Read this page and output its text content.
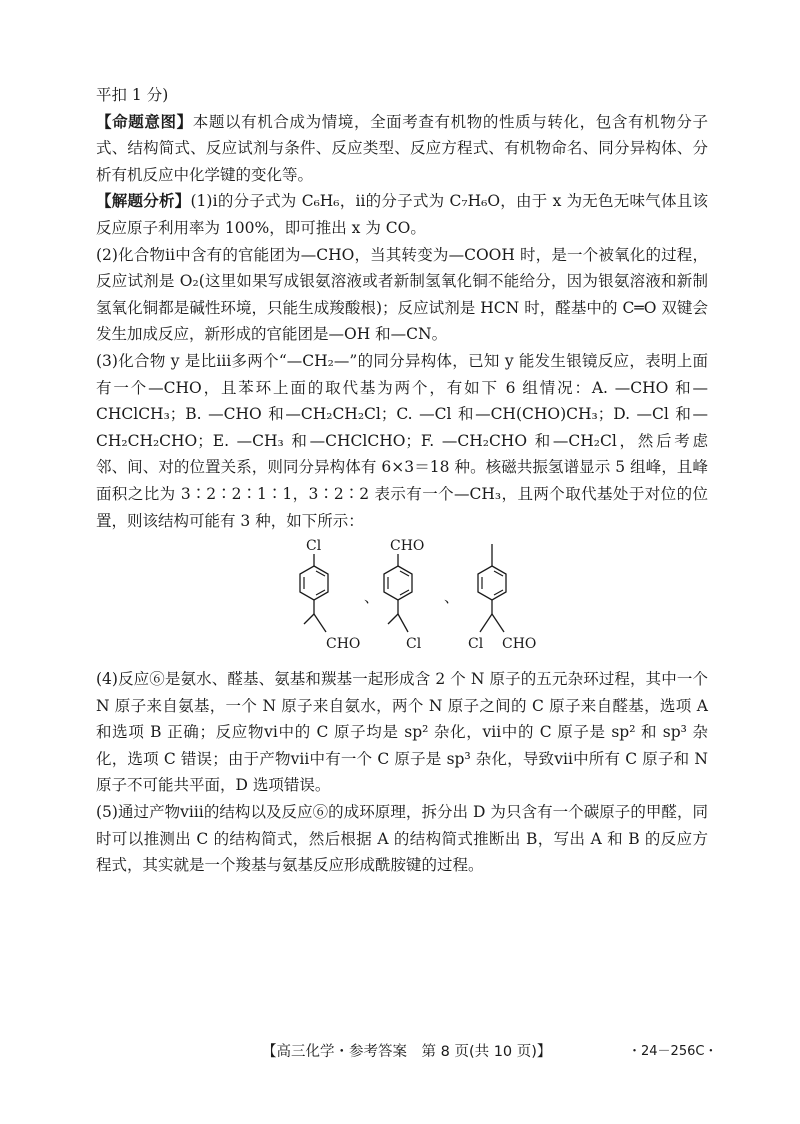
平扣 1 分)

【命题意图】本题以有机合成为情境，全面考查有机物的性质与转化，包含有机物分子式、结构简式、反应试剂与条件、反应类型、反应方程式、有机物命名、同分异构体、分析有机反应中化学键的变化等。

【解题分析】(1)ⅰ的分子式为 C₆H₆，ⅱ的分子式为 C₇H₆O，由于 x 为无色无味气体且该反应原子利用率为 100%，即可推出 x 为 CO。

(2)化合物ⅱ中含有的官能团为—CHO，当其转变为—COOH 时，是一个被氧化的过程，反应试剂是 O₂(这里如果写成银氨溶液或者新制氢氧化铜不能给分，因为银氨溶液和新制氢氧化铜都是碱性环境，只能生成羧酸根)；反应试剂是 HCN 时，醛基中的 C═O 双键会发生加成反应，新形成的官能团是—OH 和—CN。

(3)化合物 y 是比ⅲ多两个“—CH₂—”的同分异构体，已知 y 能发生银镜反应，表明上面有一个—CHO，且苯环上面的取代基为两个，有如下 6 组情况：A. —CHO 和—CHClCH₃；B. —CHO 和—CH₂CH₂Cl；C. —Cl 和—CH(CHO)CH₃；D. —Cl 和—CH₂CH₂CHO；E. —CH₃ 和—CHClCHO；F. —CH₂CHO 和—CH₂Cl，然后考虑邻、间、对的位置关系，则同分异构体有 6×3＝18 种。核磁共振氢谱显示 5 组峰，且峰面积之比为 3∶2∶2∶1∶1，3∶2∶2 表示有一个—CH₃，且两个取代基处于对位的位置，则该结构可能有 3 种，如下所示：

Cl
CHO
、
CHO
Cl
、
Cl CHO

(4)反应⑥是氨水、醛基、氨基和羰基一起形成含 2 个 N 原子的五元杂环过程，其中一个 N 原子来自氨基，一个 N 原子来自氨水，两个 N 原子之间的 C 原子来自醛基，选项 A 和选项 B 正确；反应物ⅵ中的 C 原子均是 sp² 杂化，ⅶ中的 C 原子是 sp² 和 sp³ 杂化，选项 C 错误；由于产物ⅶ中有一个 C 原子是 sp³ 杂化，导致ⅶ中所有 C 原子和 N 原子不可能共平面，D 选项错误。

(5)通过产物ⅷ的结构以及反应⑥的成环原理，拆分出 D 为只含有一个碳原子的甲醛，同时可以推测出 C 的结构简式，然后根据 A 的结构简式推断出 B，写出 A 和 B 的反应方程式，其实就是一个羧基与氨基反应形成酰胺键的过程。

【高三化学・参考答案　第 8 页(共 10 页)】	・24－256C・
